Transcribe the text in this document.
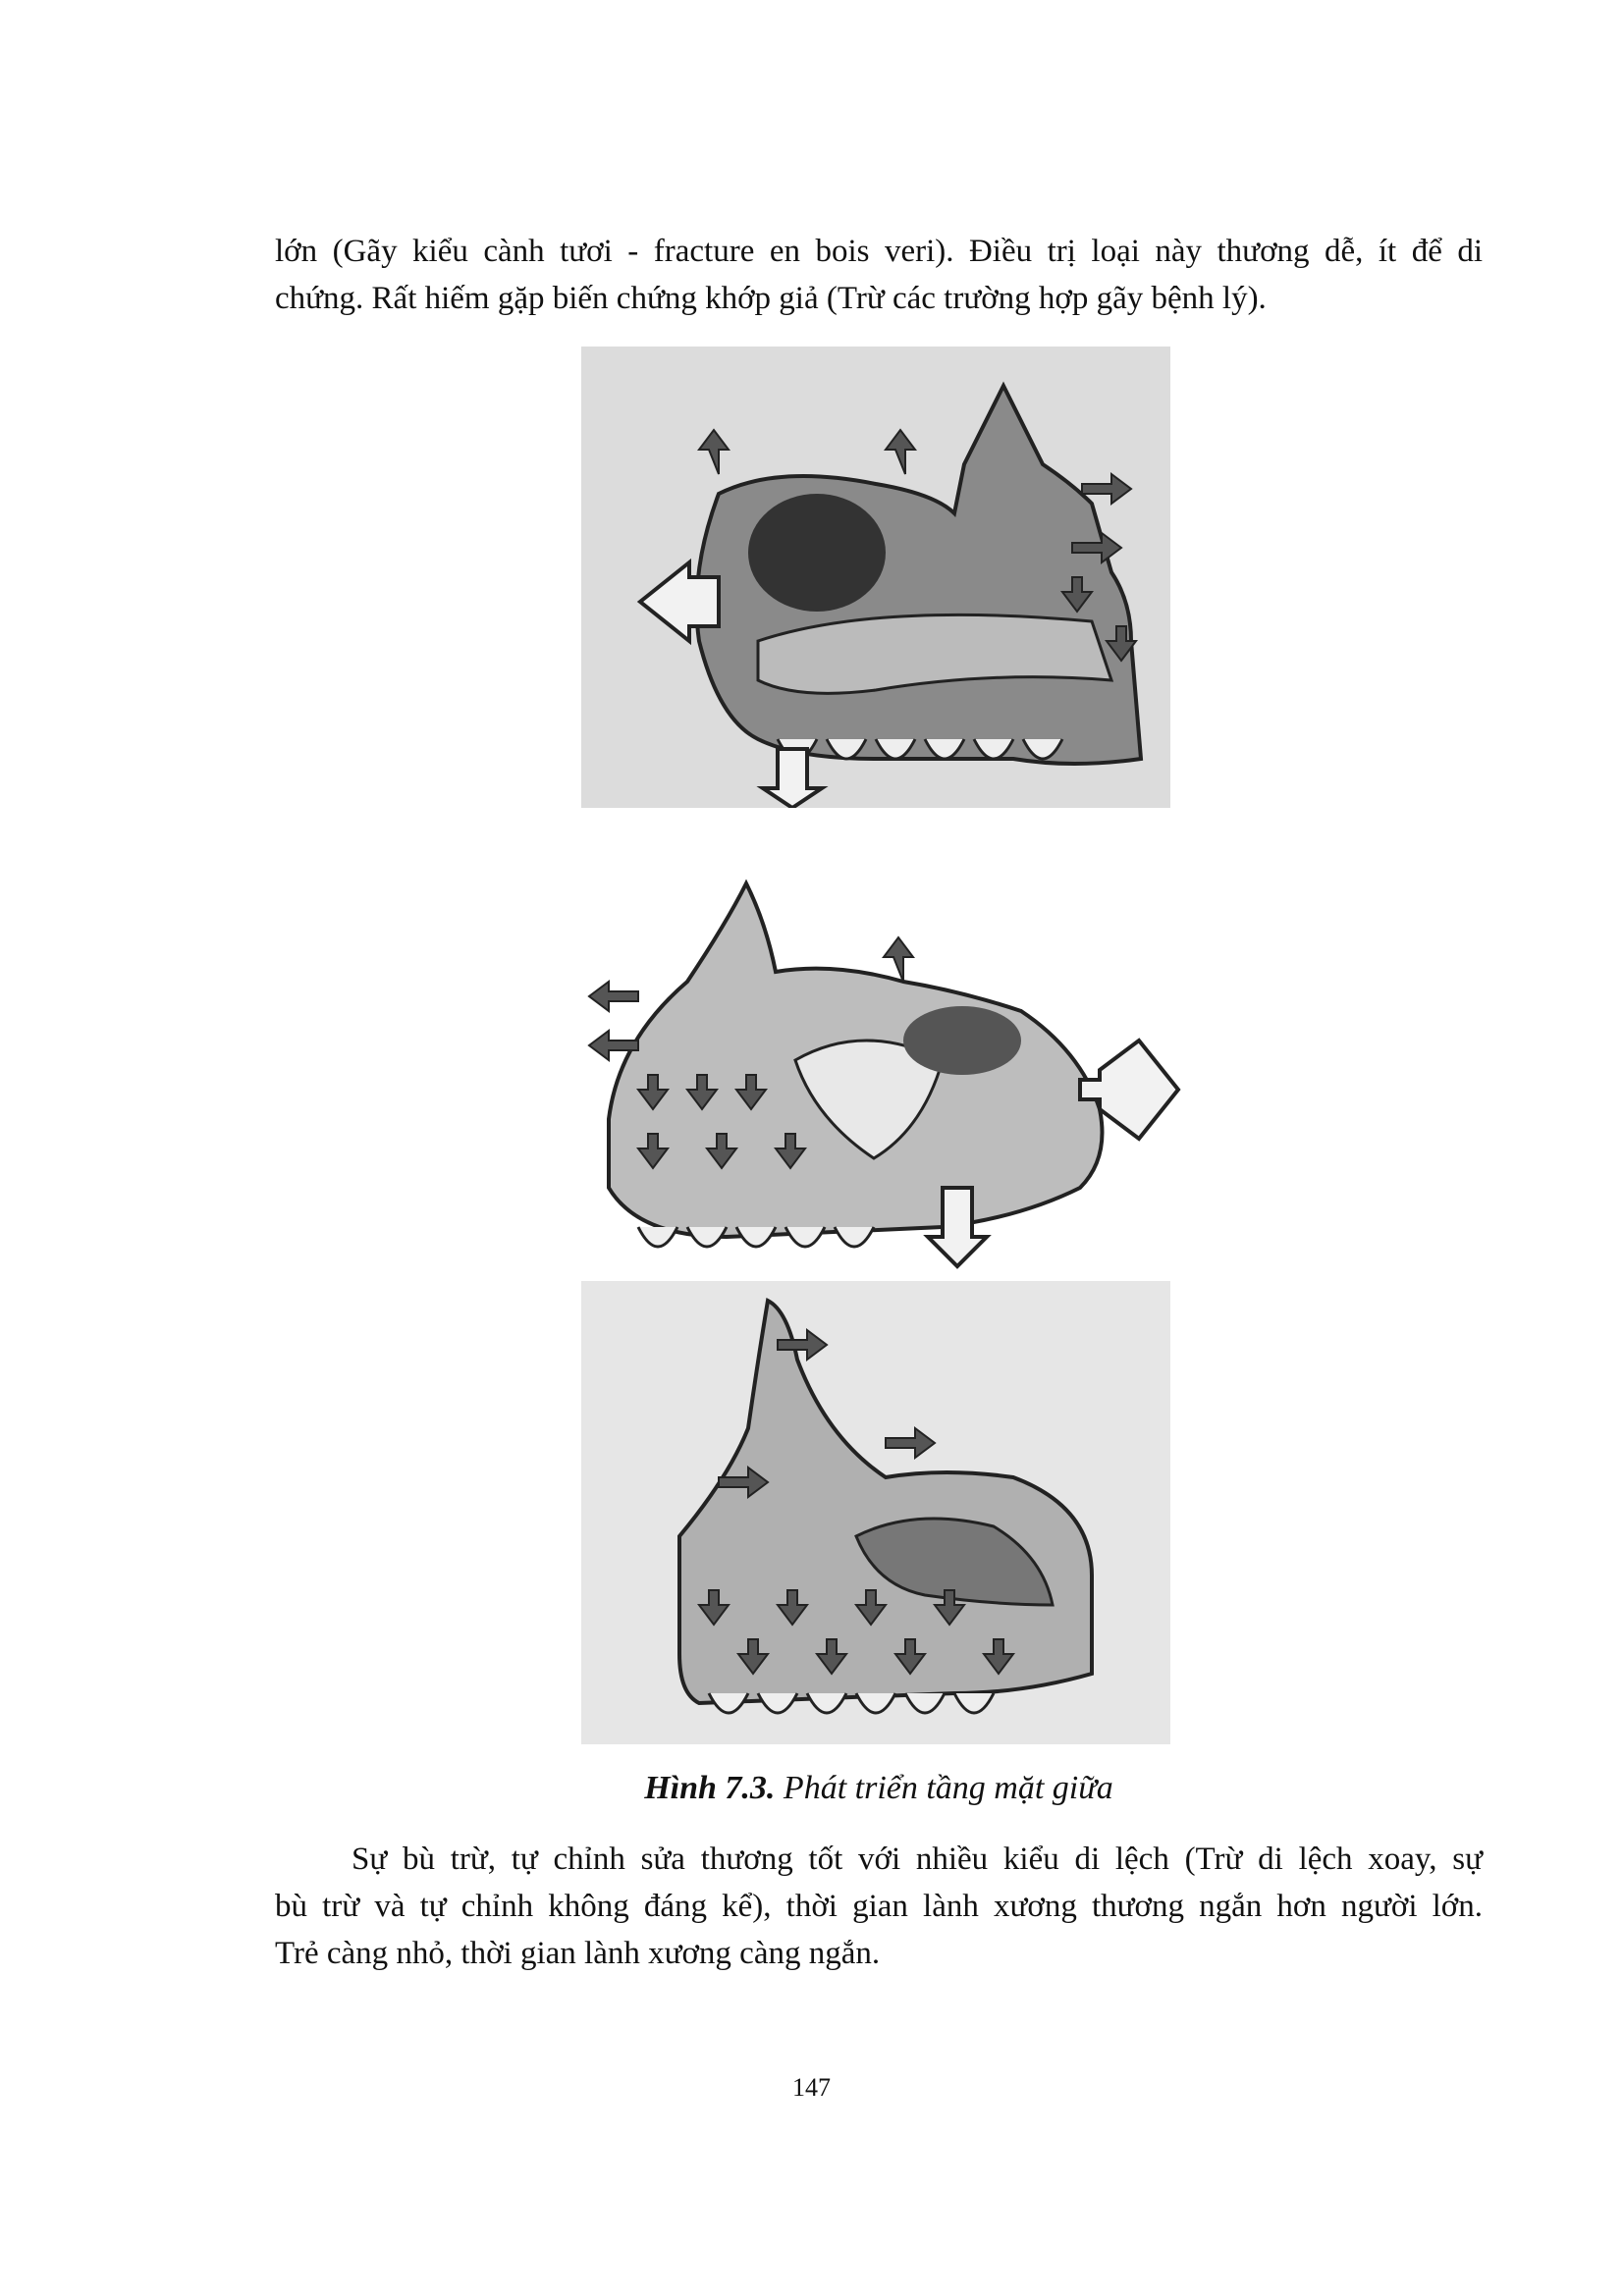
lớn (Gãy kiểu cành tươi - fracture en bois veri). Điều trị loại này thương dễ, ít để di
chứng. Rất hiếm gặp biến chứng khớp giả (Trừ các trường hợp gãy bệnh lý).

Hình 7.3. Phát triển tầng mặt giữa

Sự bù trừ, tự chỉnh sửa thương tốt với nhiều kiểu di lệch (Trừ di lệch xoay, sự
bù trừ và tự chỉnh không đáng kể), thời gian lành xương thương ngắn hơn người lớn.
Trẻ càng nhỏ, thời gian lành xương càng ngắn.

147
